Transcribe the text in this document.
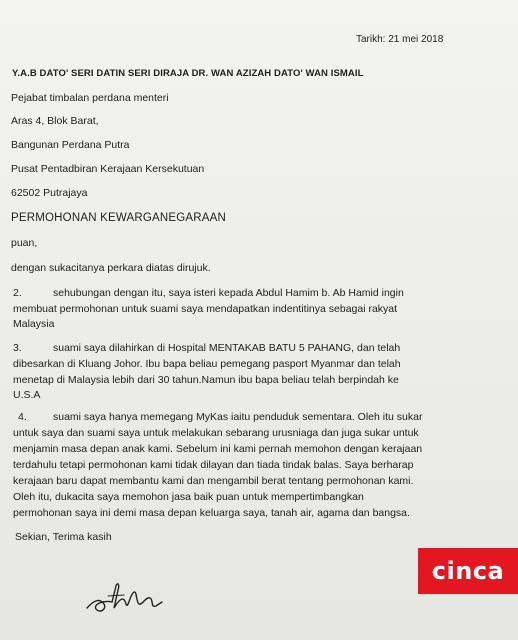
Tarikh: 21 mei 2018
Y.A.B DATO' SERI DATIN SERI DIRAJA DR. WAN AZIZAH DATO' WAN ISMAIL
Pejabat timbalan perdana menteri
Aras 4, Blok Barat,
Bangunan Perdana Putra
Pusat Pentadbiran Kerajaan Kersekutuan
62502 Putrajaya
PERMOHONAN KEWARGANEGARAAN
puan,
dengan sukacitanya perkara diatas dirujuk.
2.	sehubungan dengan itu, saya isteri kepada Abdul Hamim b. Ab Hamid ingin
membuat permohonan untuk suami saya mendapatkan indentitinya sebagai rakyat
Malaysia
3.	suami saya dilahirkan di Hospital MENTAKAB BATU 5 PAHANG, dan telah
dibesarkan di Kluang Johor. Ibu bapa beliau pemegang pasport Myanmar dan telah
menetap di Malaysia lebih dari 30 tahun.Namun ibu bapa beliau telah berpindah ke
U.S.A
4. suami saya hanya memegang MyKas iaitu penduduk sementara. Oleh itu sukar
untuk saya dan suami saya untuk melakukan sebarang urusniaga dan juga sukar untuk
menjamin masa depan anak kami. Sebelum ini kami pernah memohon dengan kerajaan
terdahulu tetapi permohonan kami tidak dilayan dan tiada tindak balas. Saya berharap
kerajaan baru dapat membantu kami dan mengambil berat tentang permohonan kami.
Oleh itu, dukacita saya memohon jasa baik puan untuk mempertimbangkan
permohonan saya ini demi masa depan keluarga saya, tanah air, agama dan bangsa.
Sekian, Terima kasih
cinca
